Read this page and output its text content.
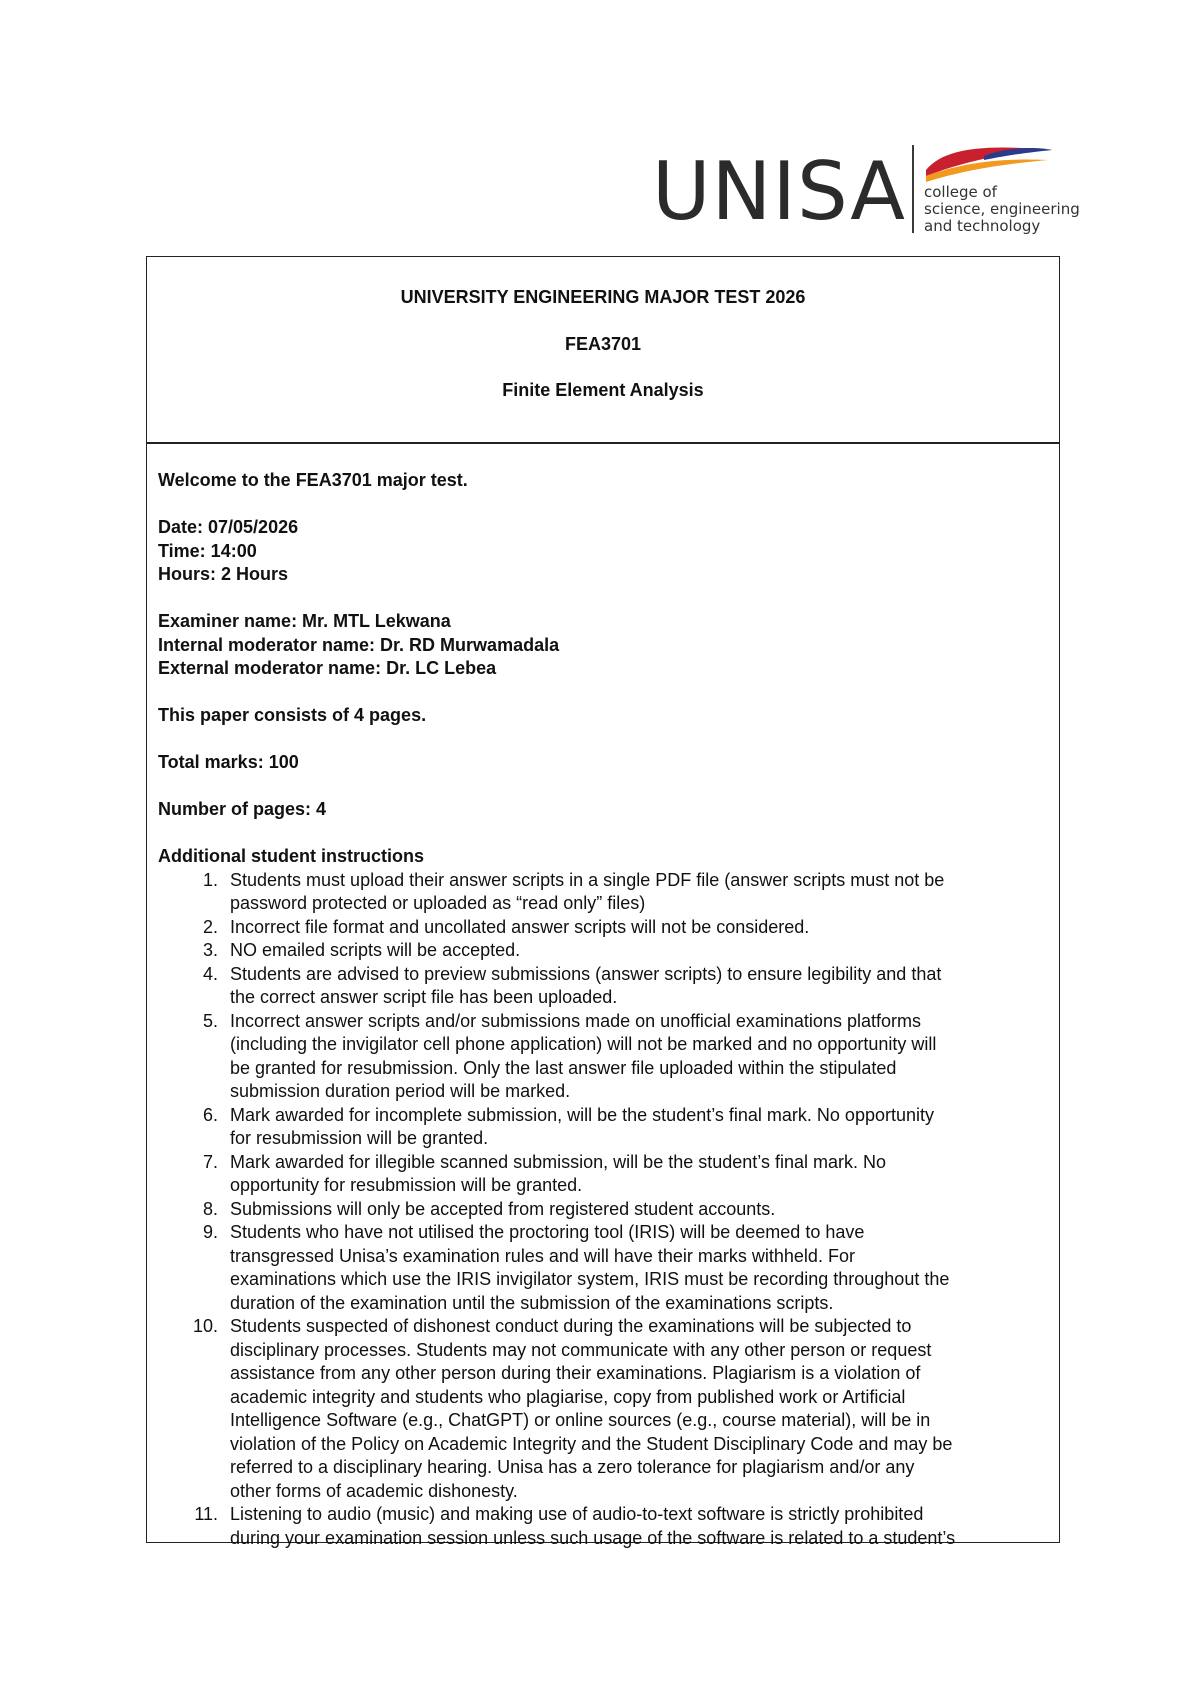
UNISA college of
science, engineering
and technology
UNIVERSITY ENGINEERING MAJOR TEST 2026
FEA3701
Finite Element Analysis

Welcome to the FEA3701 major test.

Date: 07/05/2026

Time: 14:00

Hours: 2 Hours

Examiner name: Mr. MTL Lekwana

Internal moderator name: Dr. RD Murwamadala

External moderator name: Dr. LC Lebea

This paper consists of 4 pages.

Total marks: 100

Number of pages: 4

Additional student instructions

1. Students must upload their answer scripts in a single PDF file (answer scripts must not be
password protected or uploaded as “read only” files)
2. Incorrect file format and uncollated answer scripts will not be considered.
3. NO emailed scripts will be accepted.
4. Students are advised to preview submissions (answer scripts) to ensure legibility and that
the correct answer script file has been uploaded.
5. Incorrect answer scripts and/or submissions made on unofficial examinations platforms
(including the invigilator cell phone application) will not be marked and no opportunity will
be granted for resubmission. Only the last answer file uploaded within the stipulated
submission duration period will be marked.
6. Mark awarded for incomplete submission, will be the student’s final mark. No opportunity
for resubmission will be granted.
7. Mark awarded for illegible scanned submission, will be the student’s final mark. No
opportunity for resubmission will be granted.
8. Submissions will only be accepted from registered student accounts.
9. Students who have not utilised the proctoring tool (IRIS) will be deemed to have
transgressed Unisa’s examination rules and will have their marks withheld. For
examinations which use the IRIS invigilator system, IRIS must be recording throughout the
duration of the examination until the submission of the examinations scripts.
10. Students suspected of dishonest conduct during the examinations will be subjected to
disciplinary processes. Students may not communicate with any other person or request
assistance from any other person during their examinations. Plagiarism is a violation of
academic integrity and students who plagiarise, copy from published work or Artificial
Intelligence Software (e.g., ChatGPT) or online sources (e.g., course material), will be in
violation of the Policy on Academic Integrity and the Student Disciplinary Code and may be
referred to a disciplinary hearing. Unisa has a zero tolerance for plagiarism and/or any
other forms of academic dishonesty.
11. Listening to audio (music) and making use of audio-to-text software is strictly prohibited
during your examination session unless such usage of the software is related to a student’s
